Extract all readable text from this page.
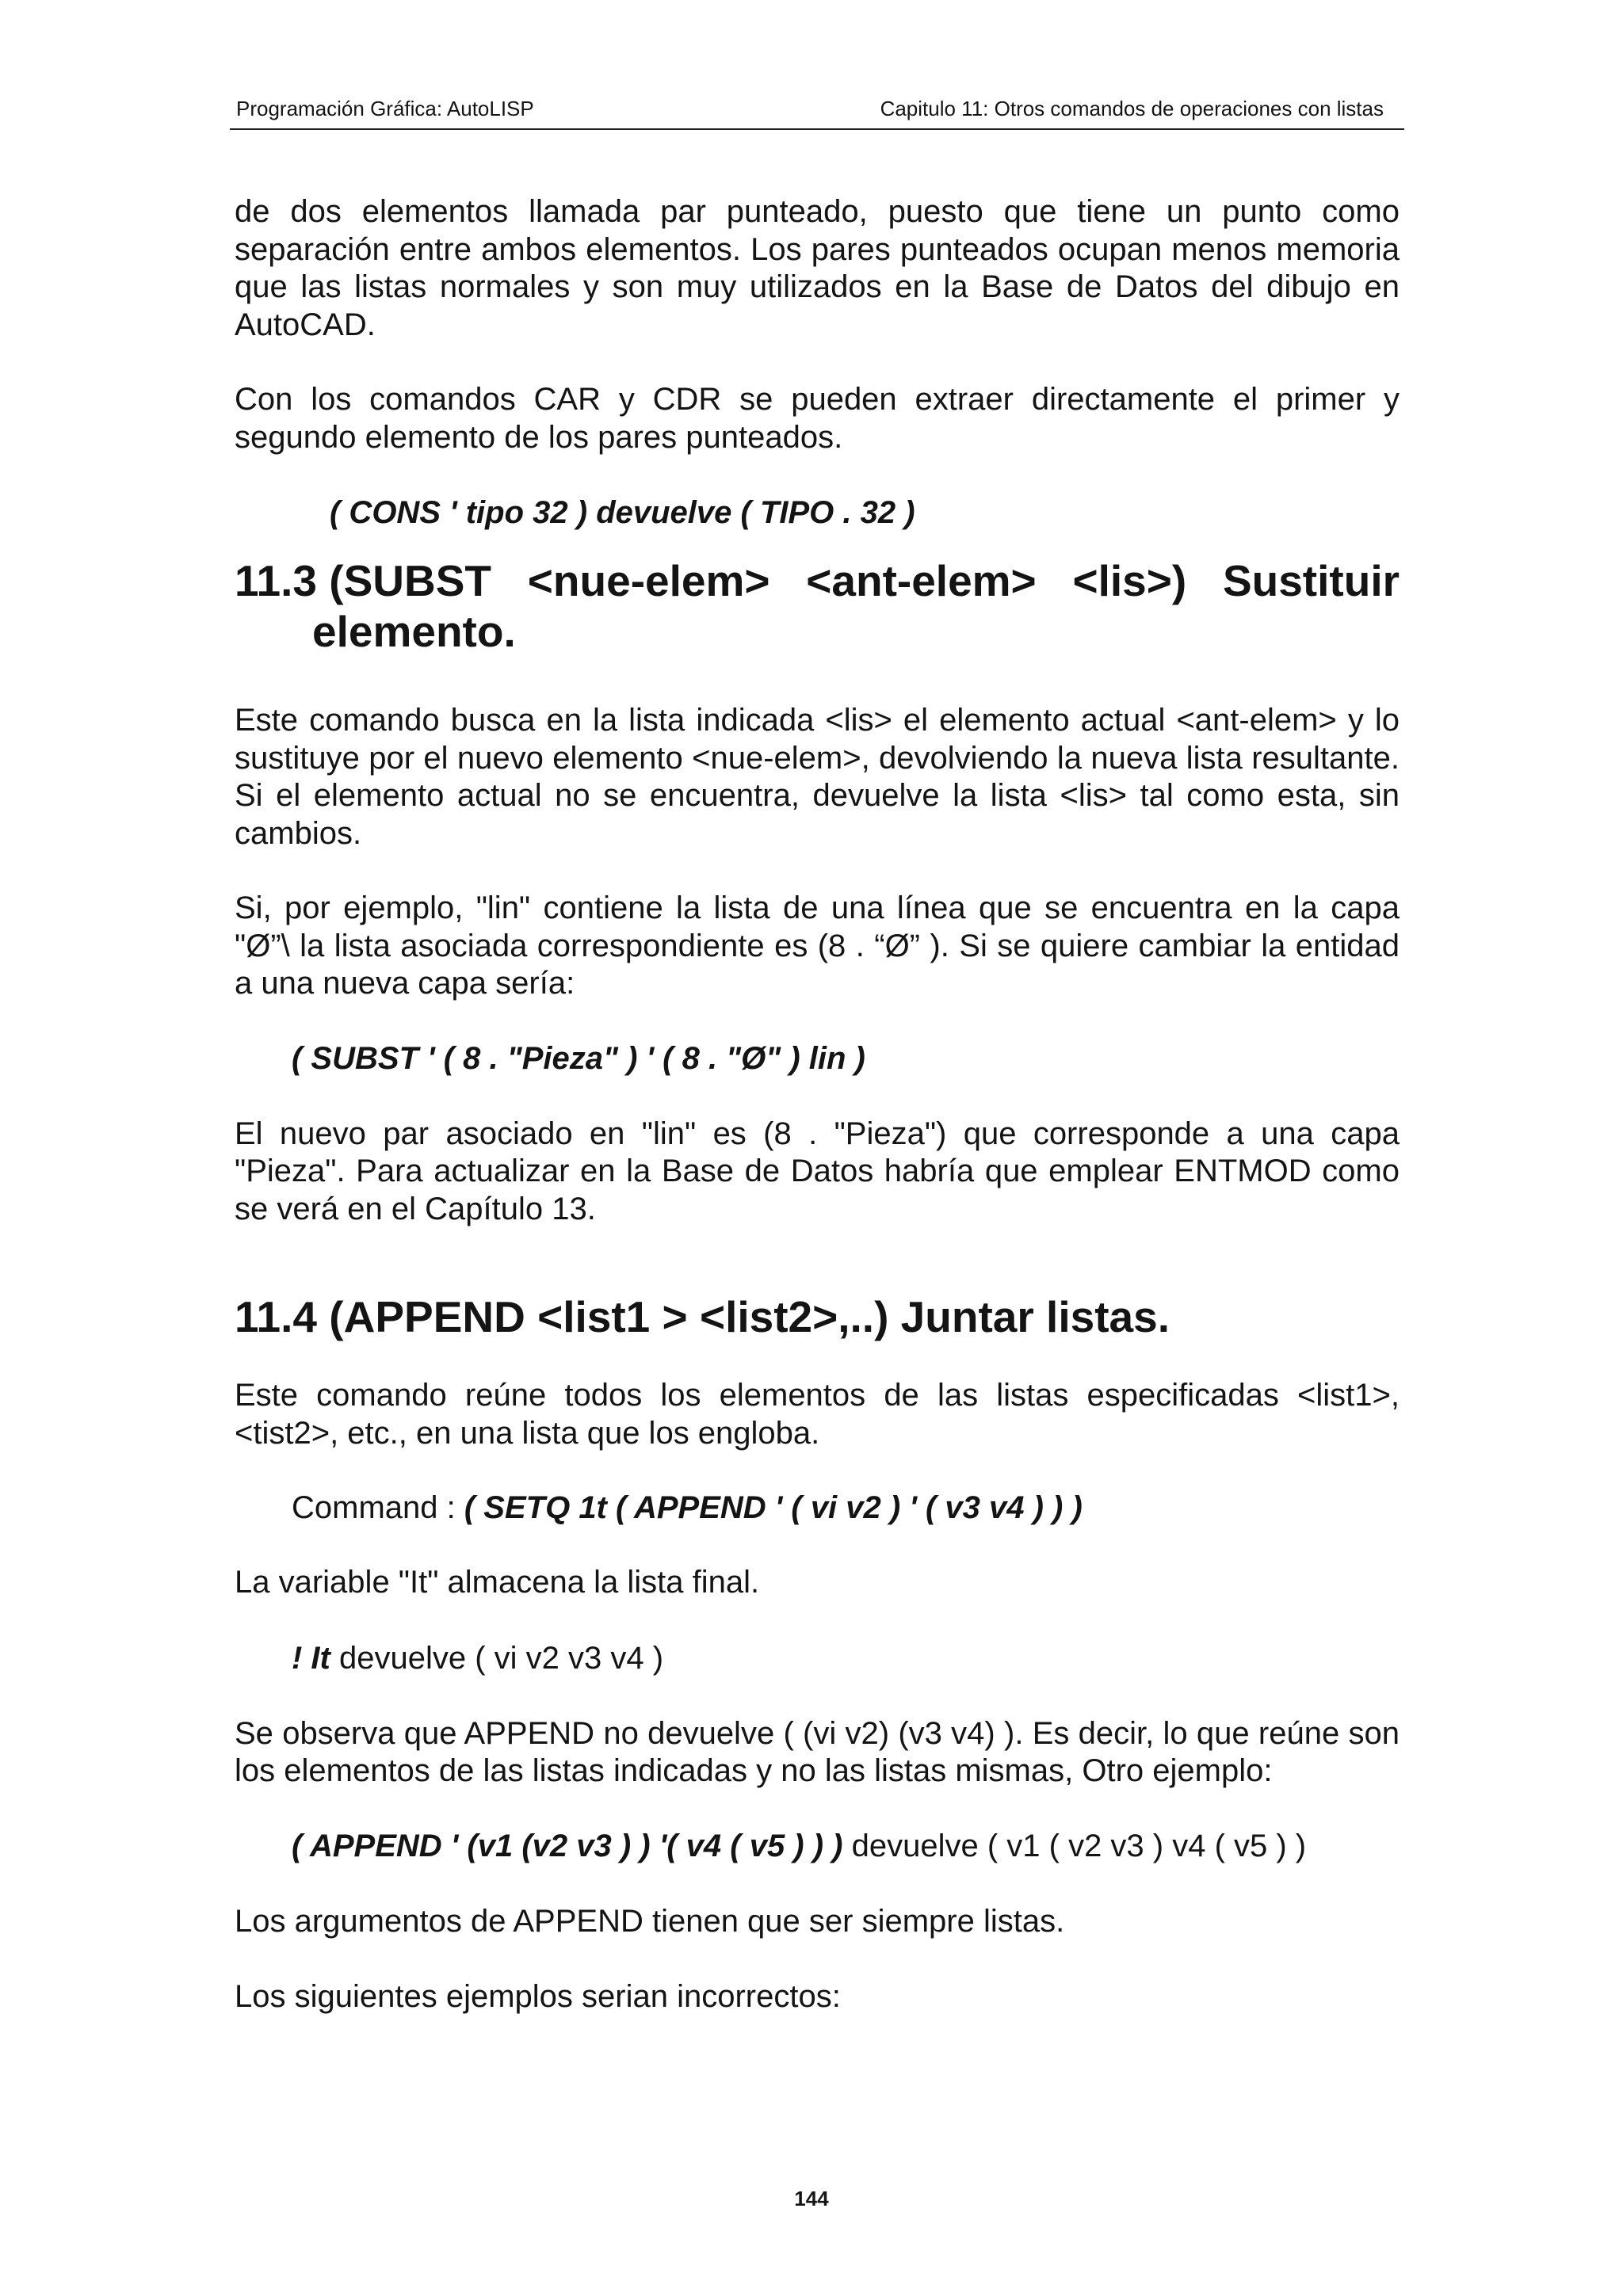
Programación Gráfica: AutoLISP	Capitulo 11: Otros comandos de operaciones con listas

de dos elementos llamada par punteado, puesto que tiene un punto como separación entre ambos elementos. Los pares punteados ocupan menos memoria que las listas normales y son muy utilizados en la Base de Datos del dibujo en AutoCAD.

Con los comandos CAR y CDR se pueden extraer directamente el primer y segundo elemento de los pares punteados.

( CONS ' tipo 32 ) devuelve ( TIPO . 32 )

11.3 (SUBST <nue-elem> <ant-elem> <lis>) Sustituir
elemento.

Este comando busca en la lista indicada <lis> el elemento actual <ant-elem> y lo sustituye por el nuevo elemento <nue-elem>, devolviendo la nueva lista resultante. Si el elemento actual no se encuentra, devuelve la lista <lis> tal como esta, sin cambios.

Si, por ejemplo, "lin" contiene la lista de una línea que se encuentra en la capa "Ø”\ la lista asociada correspondiente es (8 . “Ø” ). Si se quiere cambiar la entidad a una nueva capa sería:

( SUBST ' ( 8 . "Pieza" ) ' ( 8 . "Ø" ) lin )

El nuevo par asociado en "lin" es (8 . "Pieza") que corresponde a una capa "Pieza". Para actualizar en la Base de Datos habría que emplear ENTMOD como se verá en el Capítulo 13.

11.4 (APPEND <list1 > <list2>,..) Juntar listas.

Este comando reúne todos los elementos de las listas especificadas <list1>, <tist2>, etc., en una lista que los engloba.

Command : ( SETQ 1t ( APPEND ' ( vi v2 ) ' ( v3 v4 ) ) )

La variable "It" almacena la lista final.

! It devuelve ( vi v2 v3 v4 )

Se observa que APPEND no devuelve ( (vi v2) (v3 v4) ). Es decir, lo que reúne son los elementos de las listas indicadas y no las listas mismas, Otro ejemplo:

( APPEND ' (v1 (v2 v3 ) ) '( v4 ( v5 ) ) ) devuelve ( v1 ( v2 v3 ) v4 ( v5 ) )

Los argumentos de APPEND tienen que ser siempre listas.

Los siguientes ejemplos serian incorrectos:

144
